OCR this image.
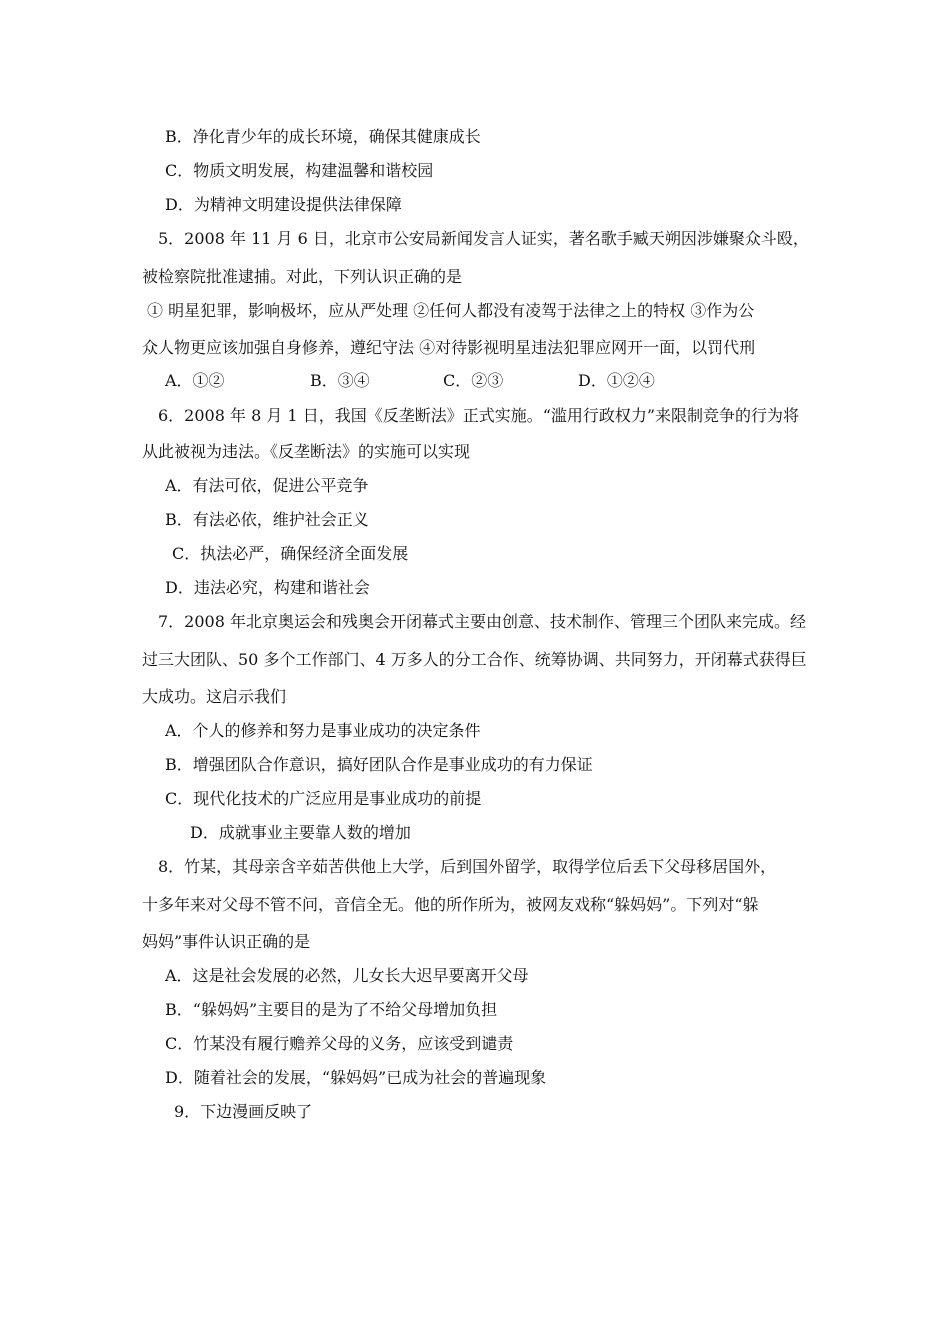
B．净化青少年的成长环境，确保其健康成长
C．物质文明发展，构建温馨和谐校园
D．为精神文明建设提供法律保障
5．2008 年 11 月 6 日，北京市公安局新闻发言人证实，著名歌手臧天朔因涉嫌聚众斗殴，
被检察院批准逮捕。对此，下列认识正确的是
① 明星犯罪，影响极坏，应从严处理 ②任何人都没有凌驾于法律之上的特权 ③作为公
众人物更应该加强自身修养，遵纪守法 ④对待影视明星违法犯罪应网开一面，以罚代刑
A．①②	B．③④	C．②③	D．①②④
6．2008 年 8 月 1 日，我国《反垄断法》正式实施。“滥用行政权力”来限制竞争的行为将
从此被视为违法。《反垄断法》的实施可以实现
A．有法可依，促进公平竞争
B．有法必依，维护社会正义
C．执法必严，确保经济全面发展
D．违法必究，构建和谐社会
7．2008 年北京奥运会和残奥会开闭幕式主要由创意、技术制作、管理三个团队来完成。经
过三大团队、50 多个工作部门、4 万多人的分工合作、统筹协调、共同努力，开闭幕式获得巨
大成功。这启示我们
A．个人的修养和努力是事业成功的决定条件
B．增强团队合作意识，搞好团队合作是事业成功的有力保证
C．现代化技术的广泛应用是事业成功的前提
D．成就事业主要靠人数的增加
8．竹某，其母亲含辛茹苦供他上大学，后到国外留学，取得学位后丢下父母移居国外，
十多年来对父母不管不问，音信全无。他的所作所为，被网友戏称“躲妈妈”。下列对“躲
妈妈”事件认识正确的是
A．这是社会发展的必然，儿女长大迟早要离开父母
B．“躲妈妈”主要目的是为了不给父母增加负担
C．竹某没有履行赡养父母的义务，应该受到谴责
D．随着社会的发展，“躲妈妈”已成为社会的普遍现象
9．下边漫画反映了
